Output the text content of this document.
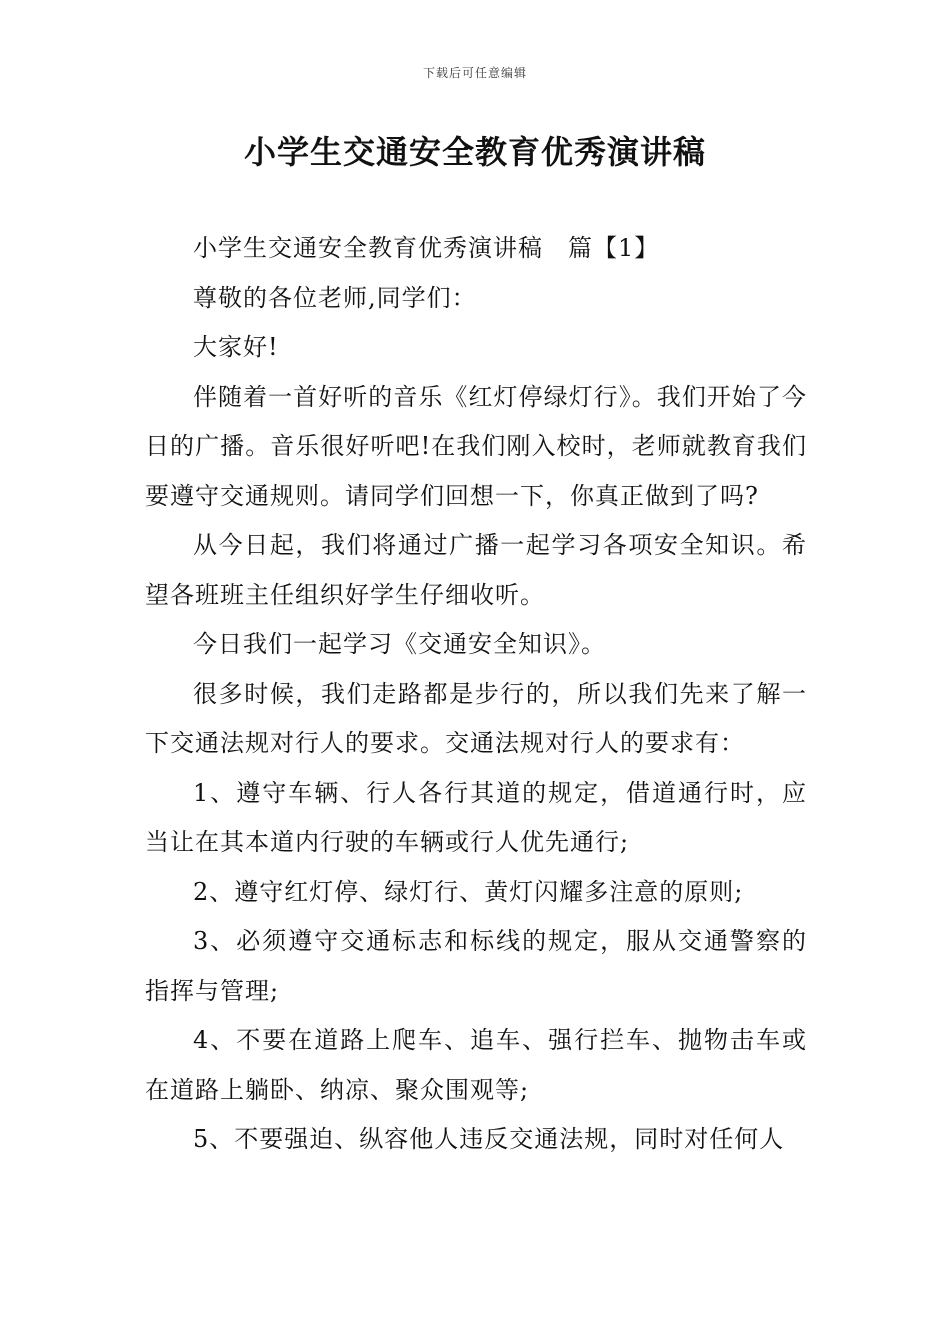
下载后可任意编辑
小学生交通安全教育优秀演讲稿

小学生交通安全教育优秀演讲稿　篇【1】

尊敬的各位老师,同学们：

大家好!

伴随着一首好听的音乐《红灯停绿灯行》。我们开始了今日的广播。音乐很好听吧!在我们刚入校时，老师就教育我们要遵守交通规则。请同学们回想一下，你真正做到了吗?

从今日起，我们将通过广播一起学习各项安全知识。希望各班班主任组织好学生仔细收听。

今日我们一起学习《交通安全知识》。

很多时候，我们走路都是步行的，所以我们先来了解一下交通法规对行人的要求。交通法规对行人的要求有：

1、遵守车辆、行人各行其道的规定，借道通行时，应当让在其本道内行驶的车辆或行人优先通行;

2、遵守红灯停、绿灯行、黄灯闪耀多注意的原则;

3、必须遵守交通标志和标线的规定，服从交通警察的指挥与管理;

4、不要在道路上爬车、追车、强行拦车、抛物击车或在道路上躺卧、纳凉、聚众围观等;

5、不要强迫、纵容他人违反交通法规，同时对任何人
